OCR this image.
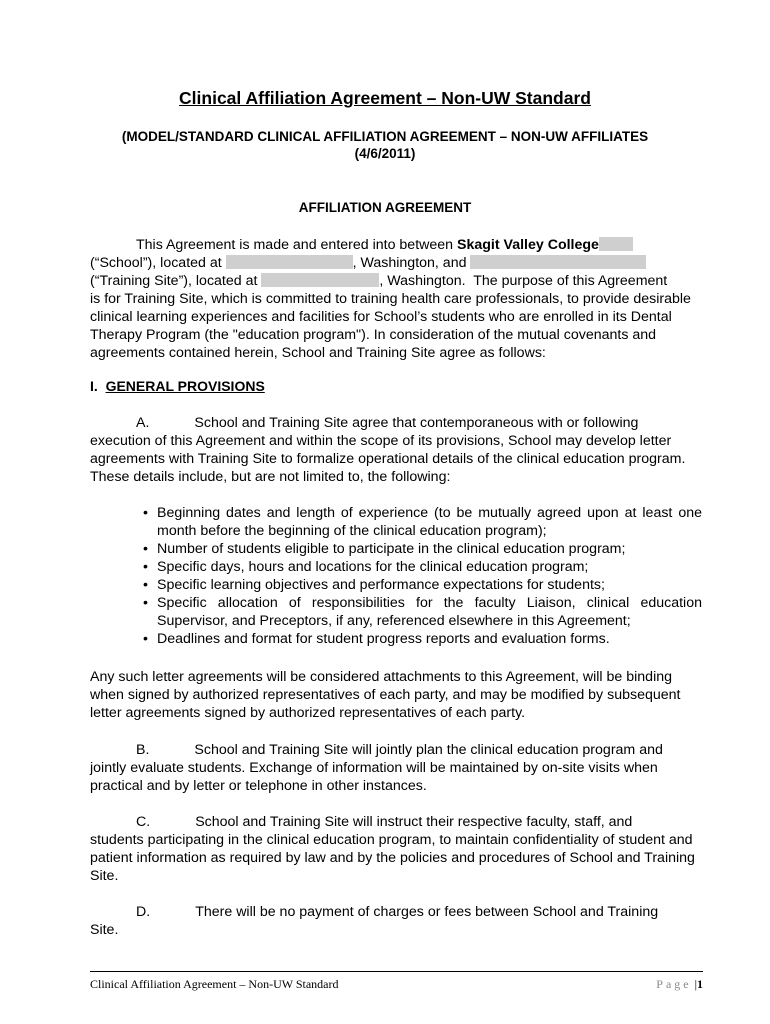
Clinical Affiliation Agreement – Non-UW Standard
(MODEL/STANDARD CLINICAL AFFILIATION AGREEMENT – NON-UW AFFILIATES
(4/6/2011)
AFFILIATION AGREEMENT
This Agreement is made and entered into between Skagit Valley College
(“School”), located at	, Washington, and
(“Training Site”), located at	, Washington.  The purpose of this Agreement
is for Training Site, which is committed to training health care professionals, to provide desirable clinical learning experiences and facilities for School’s students who are enrolled in its Dental Therapy Program (the "education program"). In consideration of the mutual covenants and agreements contained herein, School and Training Site agree as follows:
I. GENERAL PROVISIONS
A.	School and Training Site agree that contemporaneous with or following
execution of this Agreement and within the scope of its provisions, School may develop letter agreements with Training Site to formalize operational details of the clinical education program. These details include, but are not limited to, the following:
• Beginning dates and length of experience (to be mutually agreed upon at least one month before the beginning of the clinical education program);
• Number of students eligible to participate in the clinical education program;
• Specific days, hours and locations for the clinical education program;
• Specific learning objectives and performance expectations for students;
• Specific allocation of responsibilities for the faculty Liaison, clinical education Supervisor, and Preceptors, if any, referenced elsewhere in this Agreement;
• Deadlines and format for student progress reports and evaluation forms.
Any such letter agreements will be considered attachments to this Agreement, will be binding when signed by authorized representatives of each party, and may be modified by subsequent letter agreements signed by authorized representatives of each party.
B.	School and Training Site will jointly plan the clinical education program and
jointly evaluate students. Exchange of information will be maintained by on-site visits when practical and by letter or telephone in other instances.
C.	School and Training Site will instruct their respective faculty, staff, and
students participating in the clinical education program, to maintain confidentiality of student and patient information as required by law and by the policies and procedures of School and Training Site.
D.	There will be no payment of charges or fees between School and Training
Site.
Clinical Affiliation Agreement – Non-UW Standard	Page |1
